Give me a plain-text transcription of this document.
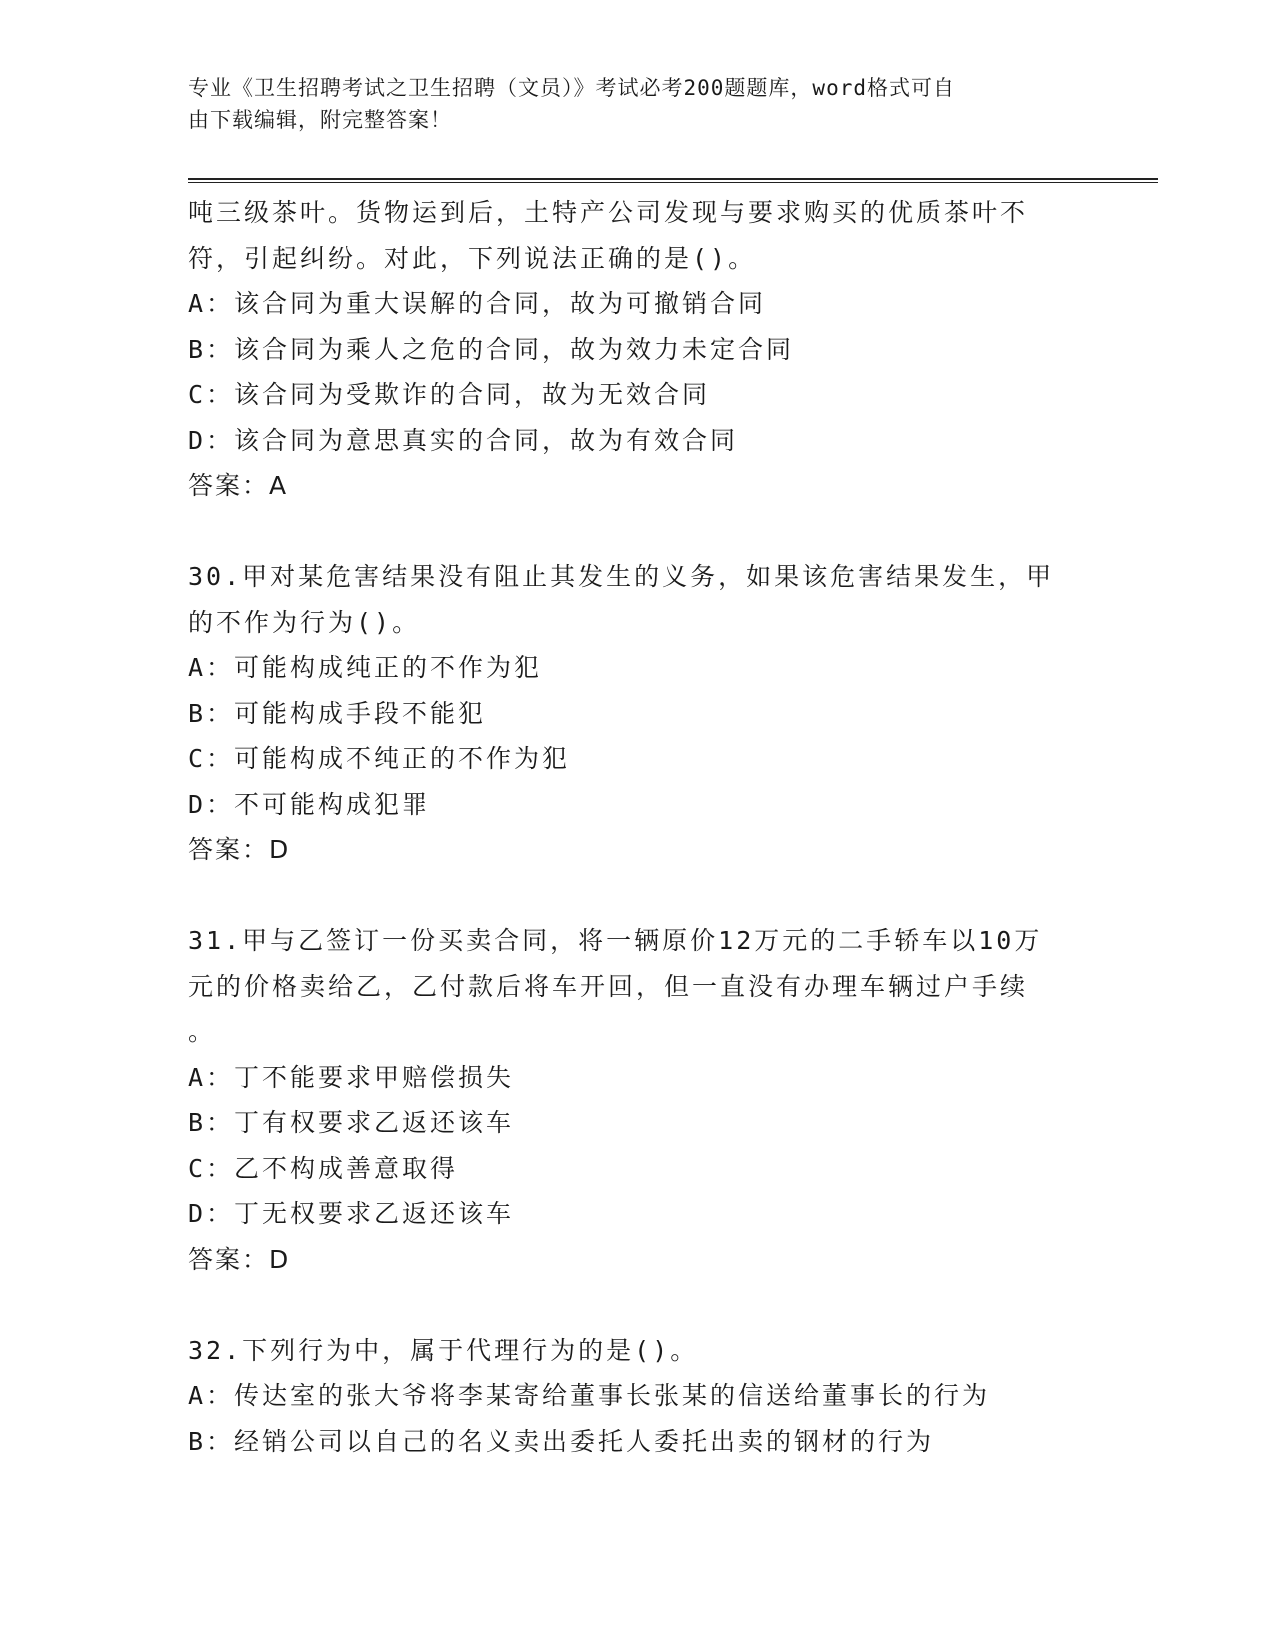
专业《卫生招聘考试之卫生招聘（文员）》考试必考200题题库，word格式可自
由下载编辑，附完整答案！
吨三级茶叶。货物运到后，土特产公司发现与要求购买的优质茶叶不
符，引起纠纷。对此，下列说法正确的是()。
A：该合同为重大误解的合同，故为可撤销合同
B：该合同为乘人之危的合同，故为效力未定合同
C：该合同为受欺诈的合同，故为无效合同
D：该合同为意思真实的合同，故为有效合同
答案：A
30.甲对某危害结果没有阻止其发生的义务，如果该危害结果发生，甲
的不作为行为()。
A：可能构成纯正的不作为犯
B：可能构成手段不能犯
C：可能构成不纯正的不作为犯
D：不可能构成犯罪
答案：D
31.甲与乙签订一份买卖合同，将一辆原价12万元的二手轿车以10万
元的价格卖给乙，乙付款后将车开回，但一直没有办理车辆过户手续
。
A：丁不能要求甲赔偿损失
B：丁有权要求乙返还该车
C：乙不构成善意取得
D：丁无权要求乙返还该车
答案：D
32.下列行为中，属于代理行为的是()。
A：传达室的张大爷将李某寄给董事长张某的信送给董事长的行为
B：经销公司以自己的名义卖出委托人委托出卖的钢材的行为
